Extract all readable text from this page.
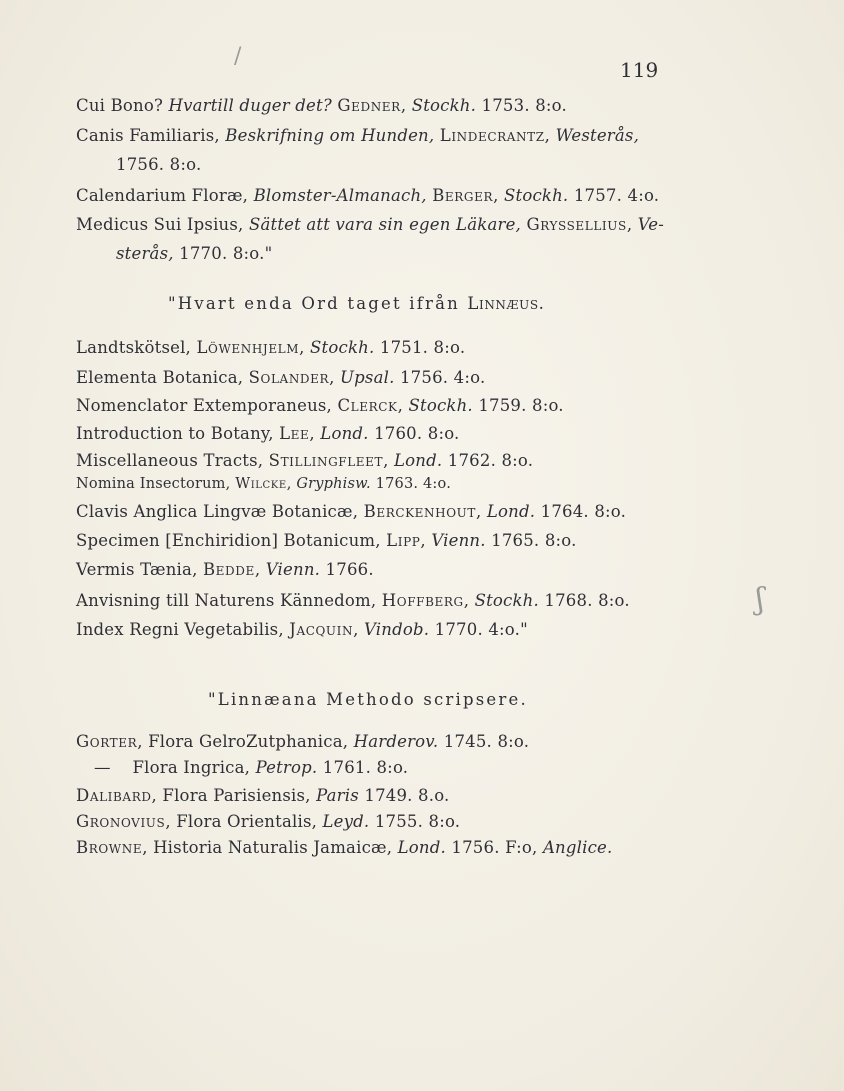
/
119
Cui Bono? Hvartill duger det? Gedner, Stockh. 1753. 8:o.
Canis Familiaris, Beskrifning om Hunden, Lindecrantz, Westerås,
1756. 8:o.
Calendarium Floræ, Blomster-Almanach, Berger, Stockh. 1757. 4:o.
Medicus Sui Ipsius, Sättet att vara sin egen Läkare, Gryssellius, Ve-
sterås, 1770. 8:o."
"Hvart enda Ord taget ifrån Linnæus.
Landtskötsel, Löwenhjelm, Stockh. 1751. 8:o.
Elementa Botanica, Solander, Upsal. 1756. 4:o.
Nomenclator Extemporaneus, Clerck, Stockh. 1759. 8:o.
Introduction to Botany, Lee, Lond. 1760. 8:o.
Miscellaneous Tracts, Stillingfleet, Lond. 1762. 8:o.
Nomina Insectorum, Wilcke, Gryphisw. 1763. 4:o.
Clavis Anglica Lingvæ Botanicæ, Berckenhout, Lond. 1764. 8:o.
Specimen [Enchiridion] Botanicum, Lipp, Vienn. 1765. 8:o.
Vermis Tænia, Bedde, Vienn. 1766.
Anvisning till Naturens Kännedom, Hoffberg, Stockh. 1768. 8:o.
Index Regni Vegetabilis, Jacquin, Vindob. 1770. 4:o."
"Linnæana Methodo scripsere.
Gorter, Flora GelroZutphanica, Harderov. 1745. 8:o.
—    Flora Ingrica, Petrop. 1761. 8:o.
Dalibard, Flora Parisiensis, Paris 1749. 8.o.
Gronovius, Flora Orientalis, Leyd. 1755. 8:o.
Browne, Historia Naturalis Jamaicæ, Lond. 1756. F:o, Anglice.
ʃ
